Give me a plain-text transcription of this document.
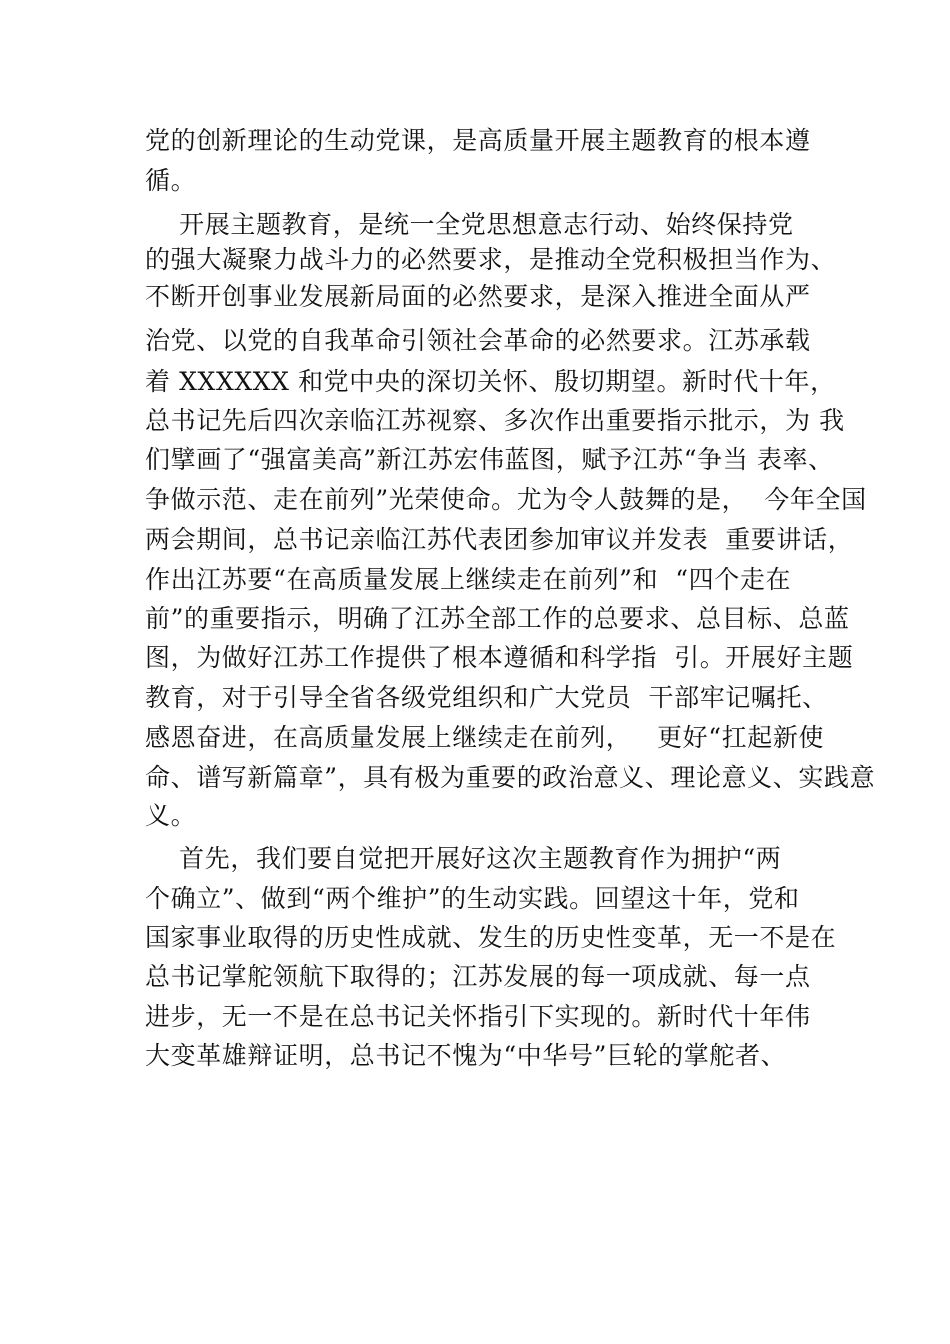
党的创新理论的生动党课，是高质量开展主题教育的根本遵
循。
开展主题教育，是统一全党思想意志行动、始终保持党
的强大凝聚力战斗力的必然要求，是推动全党积极担当作为、
不断开创事业发展新局面的必然要求，是深入推进全面从严
治党、以党的自我革命引领社会革命的必然要求。江苏承载
着 XXXXXX 和党中央的深切关怀、殷切期望。新时代十年，
总书记先后四次亲临江苏视察、多次作出重要指示批示，为 我
们擘画了“强富美高”新江苏宏伟蓝图，赋予江苏“争当 表率、
争做示范、走在前列”光荣使命。尤为令人鼓舞的是，  今年全国
两会期间，总书记亲临江苏代表团参加审议并发表  重要讲话，
作出江苏要“在高质量发展上继续走在前列”和  “四个走在
前”的重要指示，明确了江苏全部工作的总要求、总目标、总蓝
图，为做好江苏工作提供了根本遵循和科学指  引。开展好主题
教育，对于引导全省各级党组织和广大党员  干部牢记嘱托、
感恩奋进，在高质量发展上继续走在前列，   更好“扛起新使
命、谱写新篇章”，具有极为重要的政治意义、理论意义、实践意
义。
首先，我们要自觉把开展好这次主题教育作为拥护“两
个确立”、做到“两个维护”的生动实践。回望这十年，党和
国家事业取得的历史性成就、发生的历史性变革，无一不是在
总书记掌舵领航下取得的；江苏发展的每一项成就、每一点
进步，无一不是在总书记关怀指引下实现的。新时代十年伟
大变革雄辩证明，总书记不愧为“中华号”巨轮的掌舵者、
